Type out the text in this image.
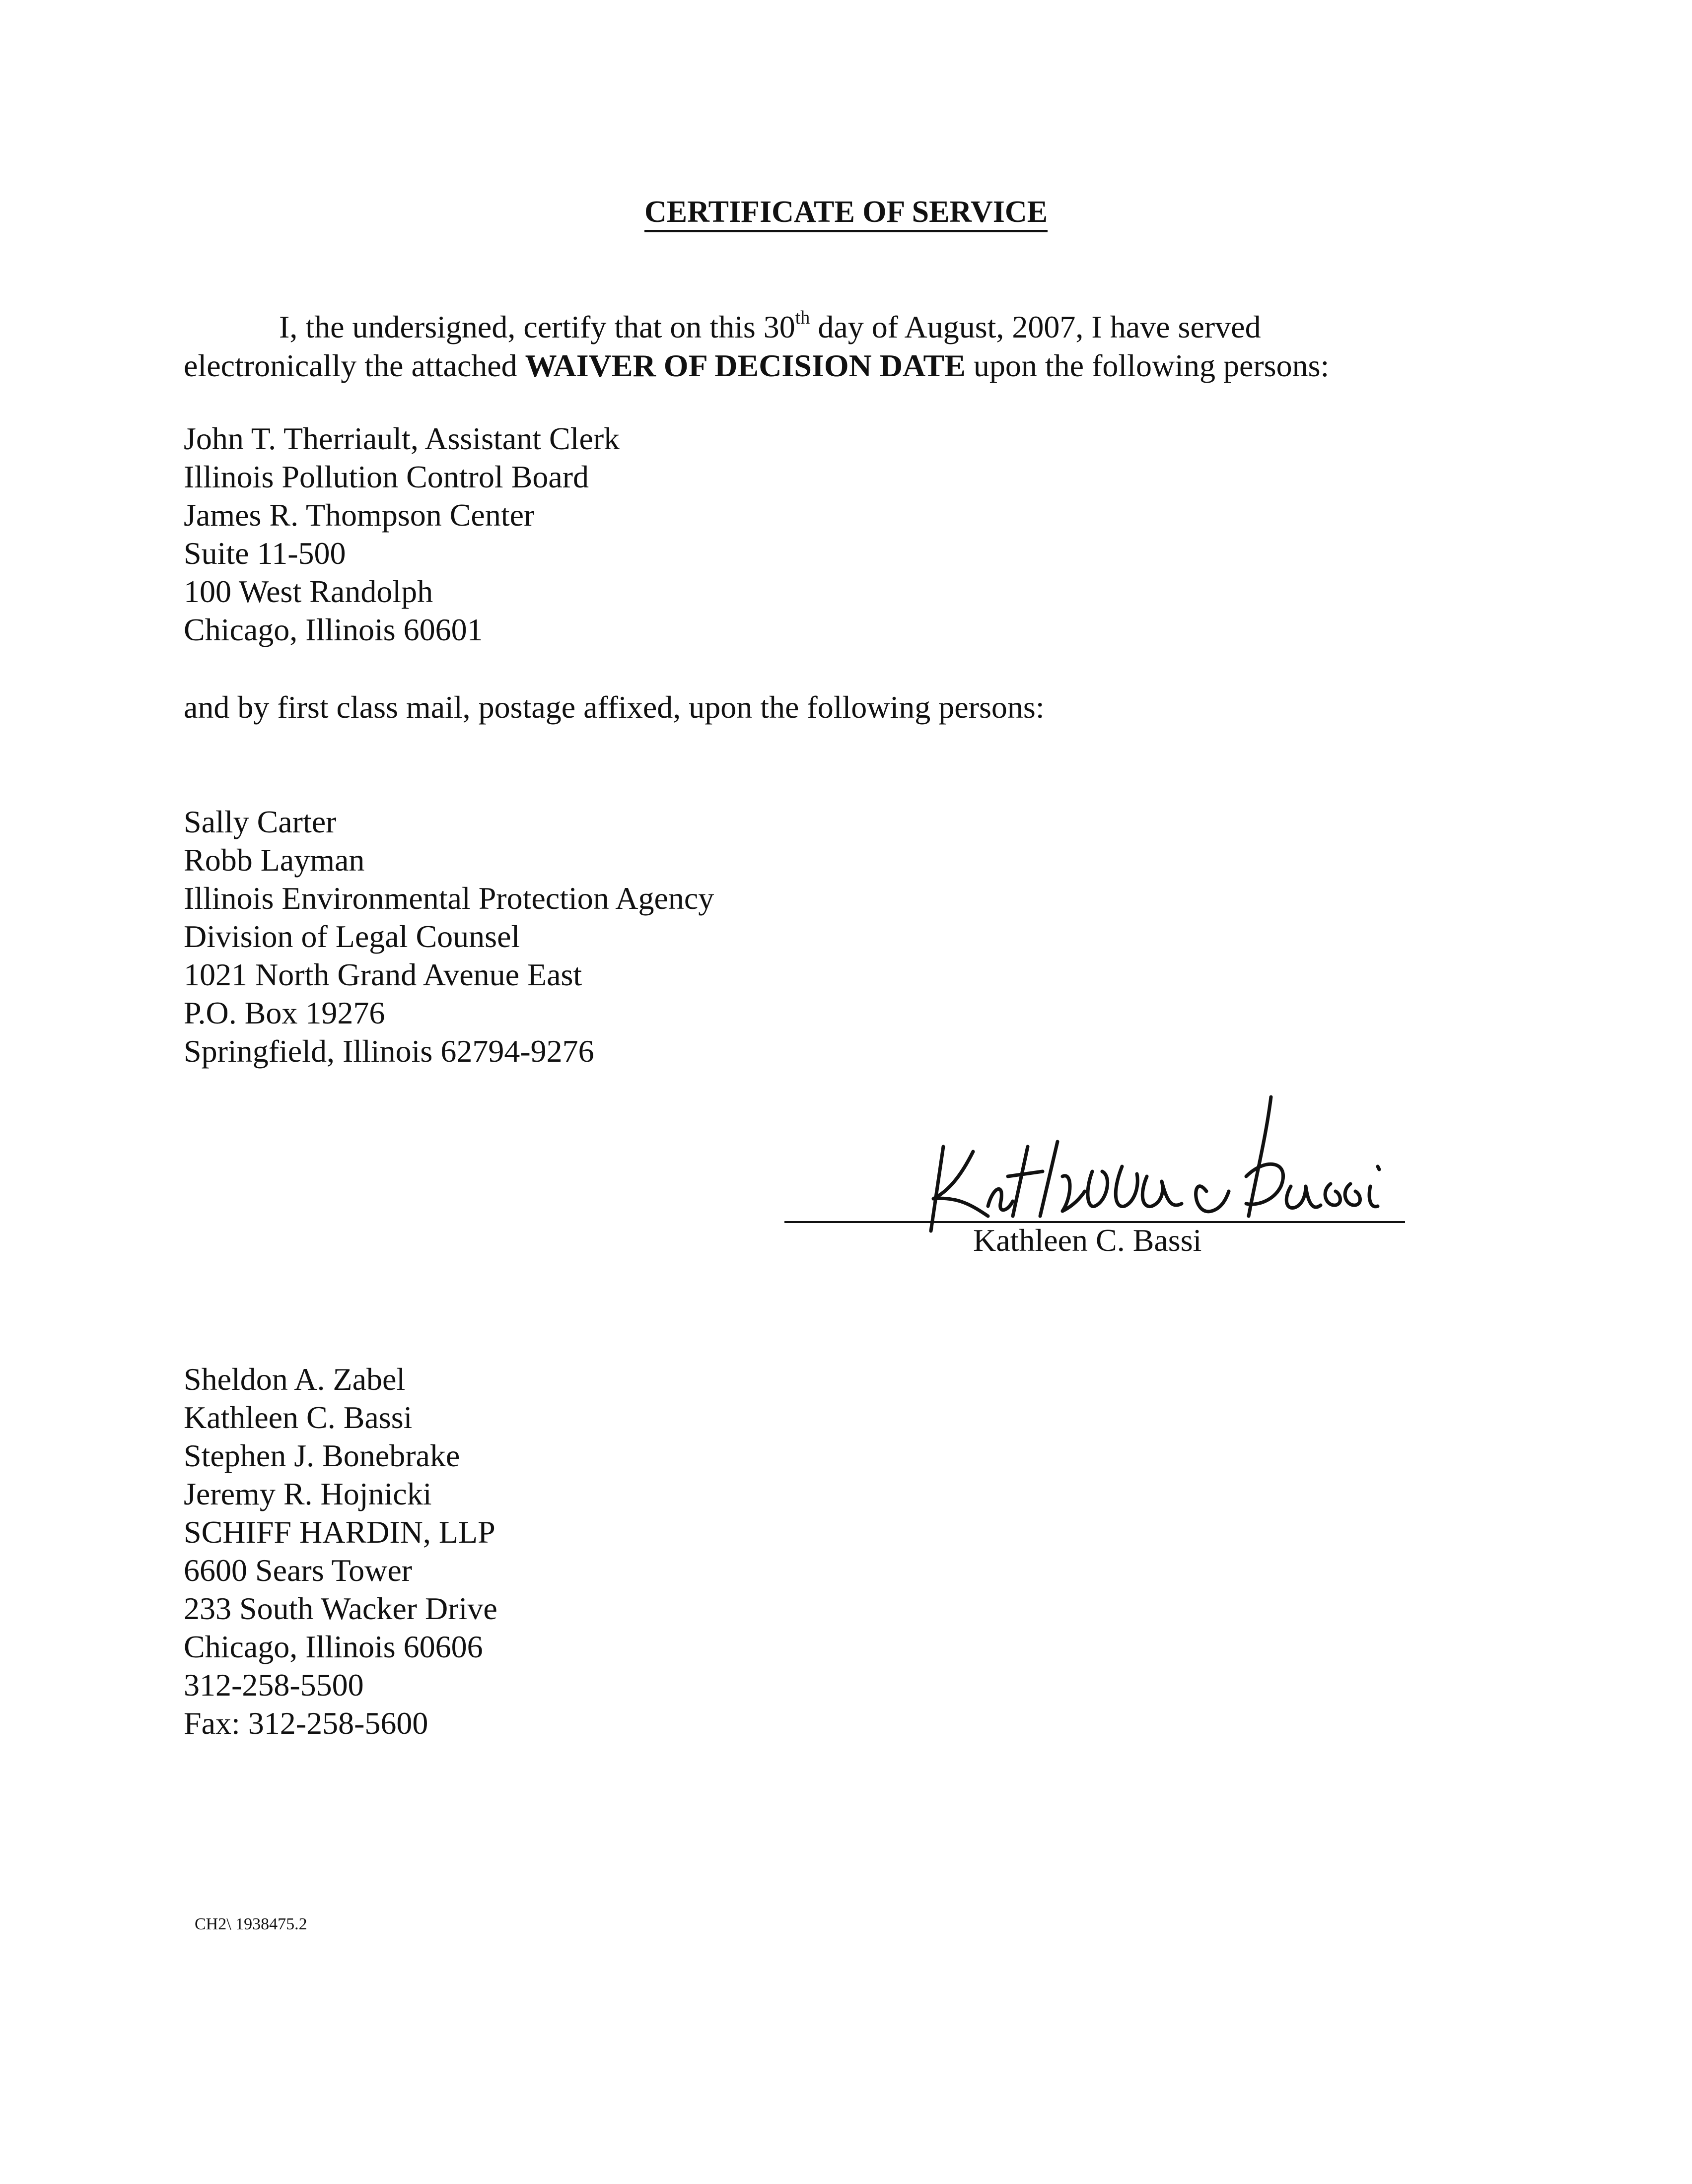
CERTIFICATE OF SERVICE
I, the undersigned, certify that on this 30th day of August, 2007, I have served
electronically the attached WAIVER OF DECISION DATE upon the following persons:
John T. Therriault, Assistant Clerk
Illinois Pollution Control Board
James R. Thompson Center
Suite 11-500
100 West Randolph
Chicago, Illinois 60601
and by first class mail, postage affixed, upon the following persons:
Sally Carter
Robb Layman
Illinois Environmental Protection Agency
Division of Legal Counsel
1021 North Grand Avenue East
P.O. Box 19276
Springfield, Illinois 62794-9276
Kathleen C. Bassi
Sheldon A. Zabel
Kathleen C. Bassi
Stephen J. Bonebrake
Jeremy R. Hojnicki
SCHIFF HARDIN, LLP
6600 Sears Tower
233 South Wacker Drive
Chicago, Illinois 60606
312-258-5500
Fax: 312-258-5600
CH2\ 1938475.2
